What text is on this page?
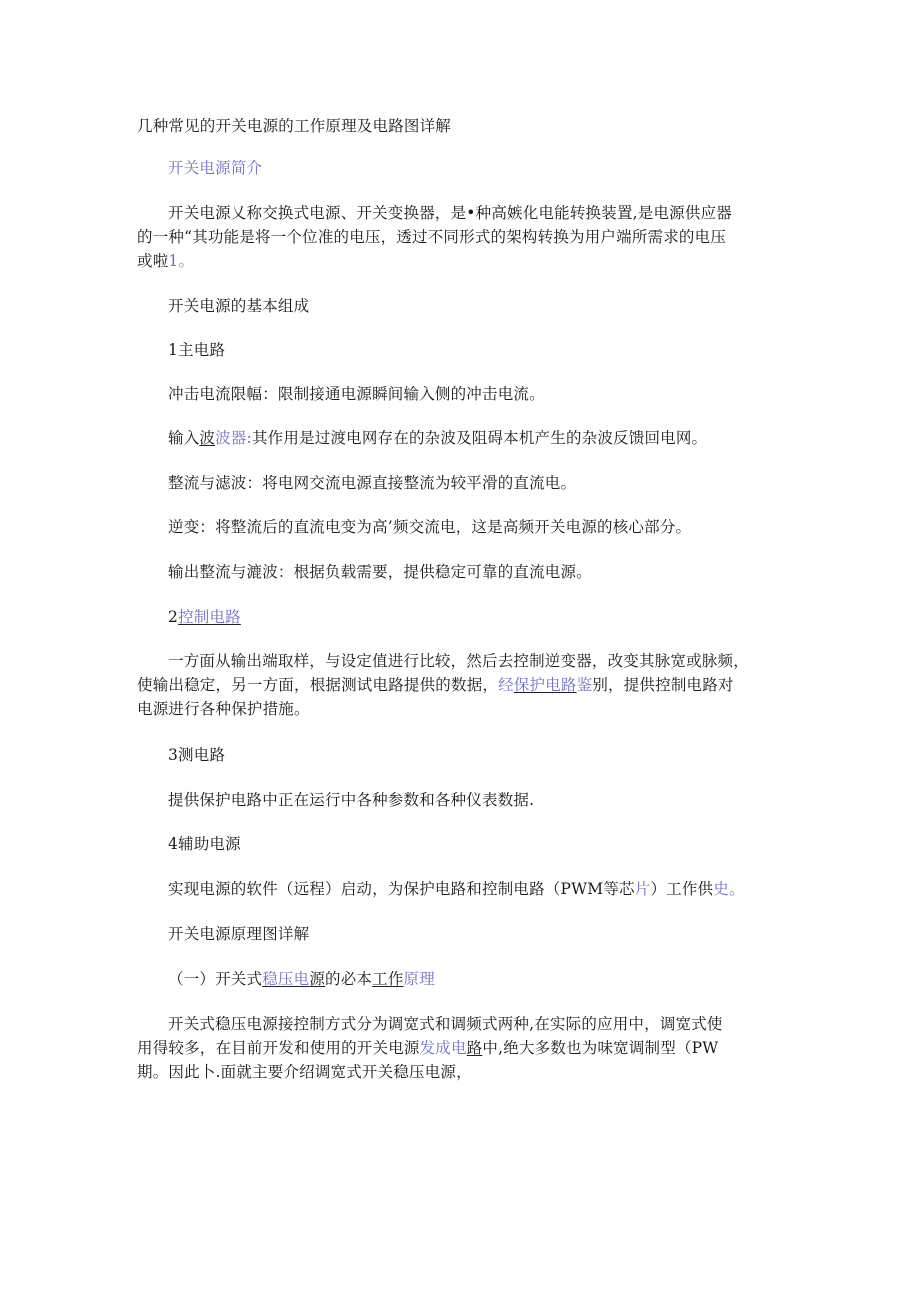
几种常见的开关电源的工作原理及电路图详解

开关电源简介

开关电源乂称交换式电源、开关变换器，是•种高嫉化电能转换装置,是电源供应器

的一种“其功能是将一个位准的电压，透过不同形式的架构转换为用户端所需求的电压

或啦1。

开关电源的基本组成

1主电路

冲击电流限幅：限制接通电源瞬间输入侧的冲击电流。

输入波波器:其作用是过渡电网存在的杂波及阻碍本机产生的杂波反馈回电网。

整流与滤波：将电网交流电源直接整流为较平滑的直流电。

逆变：将整流后的直流电变为高’频交流电，这是高频开关电源的核心部分。

输出整流与漉波：根据负载需要，提供稳定可靠的直流电源。

2控制电路

一方面从输出端取样，与设定值进行比较，然后去控制逆变器，改变其脉宽或脉频，

使输出稳定，另一方面，根据测试电路提供的数据，经保护电路鉴别，提供控制电路对

电源进行各种保护措施。

3测电路

提供保护电路中正在运行中各种参数和各种仪表数据.

4辅助电源

实现电源的软件（远程）启动，为保护电路和控制电路（PWM等芯片）工作供史。

开关电源原理图详解

（一）开关式稳压电源的必本工作原理

开关式稳压电源接控制方式分为调宽式和调频式两种,在实际的应用中，调宽式使

用得较多，在目前开发和使用的开关电源发成电路中,绝大多数也为味宽调制型（PW

期。因此卜.面就主要介绍调宽式开关稳压电源，
